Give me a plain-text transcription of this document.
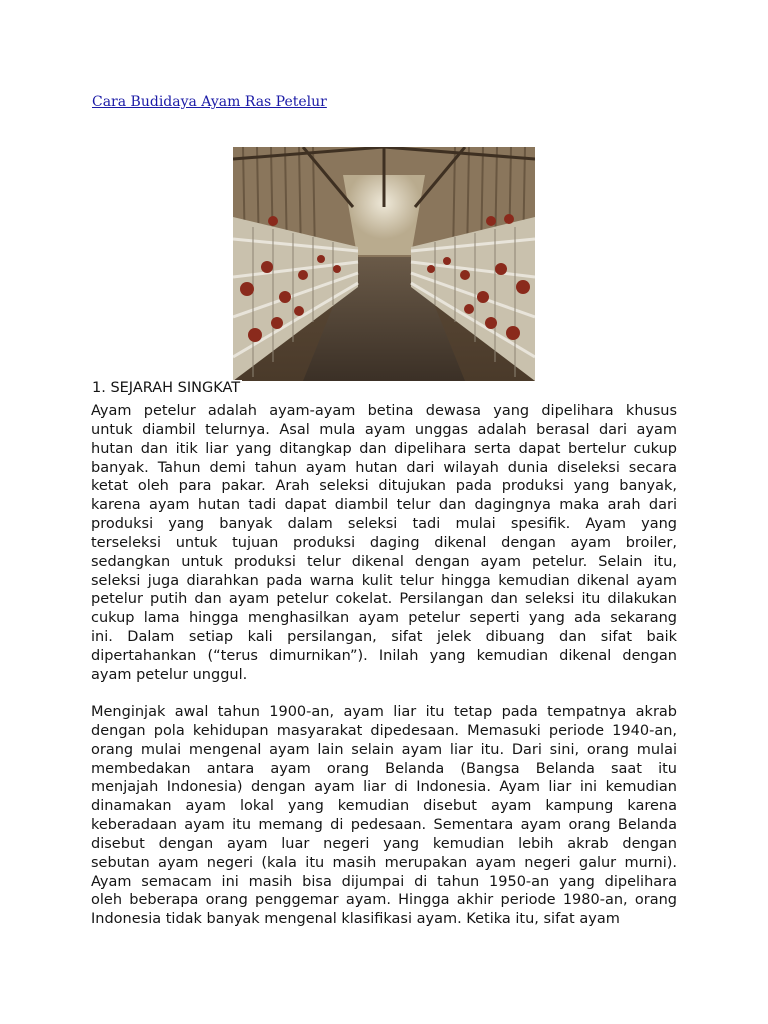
Cara Budidaya Ayam Ras Petelur
1. SEJARAH SINGKAT
Ayam petelur adalah ayam-ayam betina dewasa yang dipelihara khusus
untuk diambil telurnya. Asal mula ayam unggas adalah berasal dari ayam
hutan dan itik liar yang ditangkap dan dipelihara serta dapat bertelur cukup
banyak. Tahun demi tahun ayam hutan dari wilayah dunia diseleksi secara
ketat oleh para pakar. Arah seleksi ditujukan pada produksi yang banyak,
karena ayam hutan tadi dapat diambil telur dan dagingnya maka arah dari
produksi yang banyak dalam seleksi tadi mulai spesifik. Ayam yang
terseleksi untuk tujuan produksi daging dikenal dengan ayam broiler,
sedangkan untuk produksi telur dikenal dengan ayam petelur. Selain itu,
seleksi juga diarahkan pada warna kulit telur hingga kemudian dikenal ayam
petelur putih dan ayam petelur cokelat. Persilangan dan seleksi itu dilakukan
cukup lama hingga menghasilkan ayam petelur seperti yang ada sekarang
ini. Dalam setiap kali persilangan, sifat jelek dibuang dan sifat baik
dipertahankan (“terus dimurnikan”). Inilah yang kemudian dikenal dengan
ayam petelur unggul.
Menginjak awal tahun 1900-an, ayam liar itu tetap pada tempatnya akrab
dengan pola kehidupan masyarakat dipedesaan. Memasuki periode 1940-an,
orang mulai mengenal ayam lain selain ayam liar itu. Dari sini, orang mulai
membedakan antara ayam orang Belanda (Bangsa Belanda saat itu
menjajah Indonesia) dengan ayam liar di Indonesia. Ayam liar ini kemudian
dinamakan ayam lokal yang kemudian disebut ayam kampung karena
keberadaan ayam itu memang di pedesaan. Sementara ayam orang Belanda
disebut dengan ayam luar negeri yang kemudian lebih akrab dengan
sebutan ayam negeri (kala itu masih merupakan ayam negeri galur murni).
Ayam semacam ini masih bisa dijumpai di tahun 1950-an yang dipelihara
oleh beberapa orang penggemar ayam. Hingga akhir periode 1980-an, orang
Indonesia tidak banyak mengenal klasifikasi ayam. Ketika itu, sifat ayam
